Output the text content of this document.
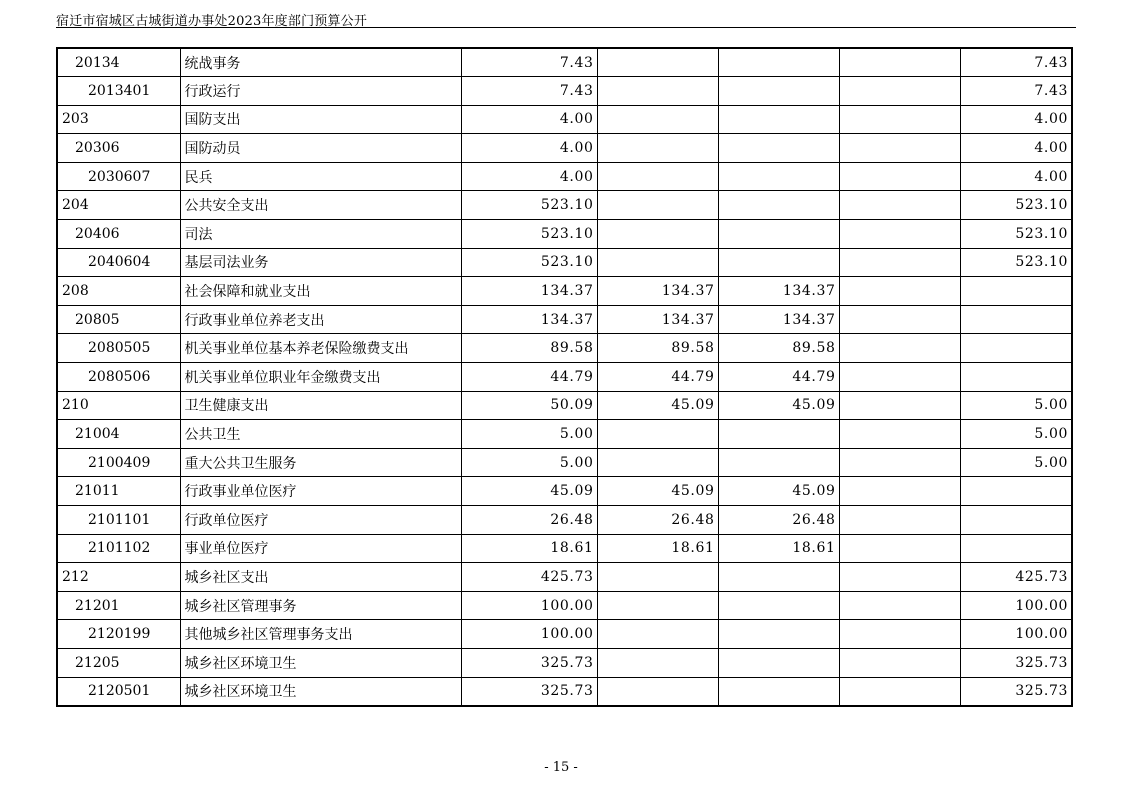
宿迁市宿城区古城街道办事处2023年度部门预算公开
20134	统战事务	7.43				7.43
2013401	行政运行	7.43				7.43
203	国防支出	4.00				4.00
20306	国防动员	4.00				4.00
2030607	民兵	4.00				4.00
204	公共安全支出	523.10				523.10
20406	司法	523.10				523.10
2040604	基层司法业务	523.10				523.10
208	社会保障和就业支出	134.37	134.37	134.37		
20805	行政事业单位养老支出	134.37	134.37	134.37		
2080505	机关事业单位基本养老保险缴费支出	89.58	89.58	89.58		
2080506	机关事业单位职业年金缴费支出	44.79	44.79	44.79		
210	卫生健康支出	50.09	45.09	45.09		5.00
21004	公共卫生	5.00				5.00
2100409	重大公共卫生服务	5.00				5.00
21011	行政事业单位医疗	45.09	45.09	45.09		
2101101	行政单位医疗	26.48	26.48	26.48		
2101102	事业单位医疗	18.61	18.61	18.61		
212	城乡社区支出	425.73				425.73
21201	城乡社区管理事务	100.00				100.00
2120199	其他城乡社区管理事务支出	100.00				100.00
21205	城乡社区环境卫生	325.73				325.73
2120501	城乡社区环境卫生	325.73				325.73
- 15 -
